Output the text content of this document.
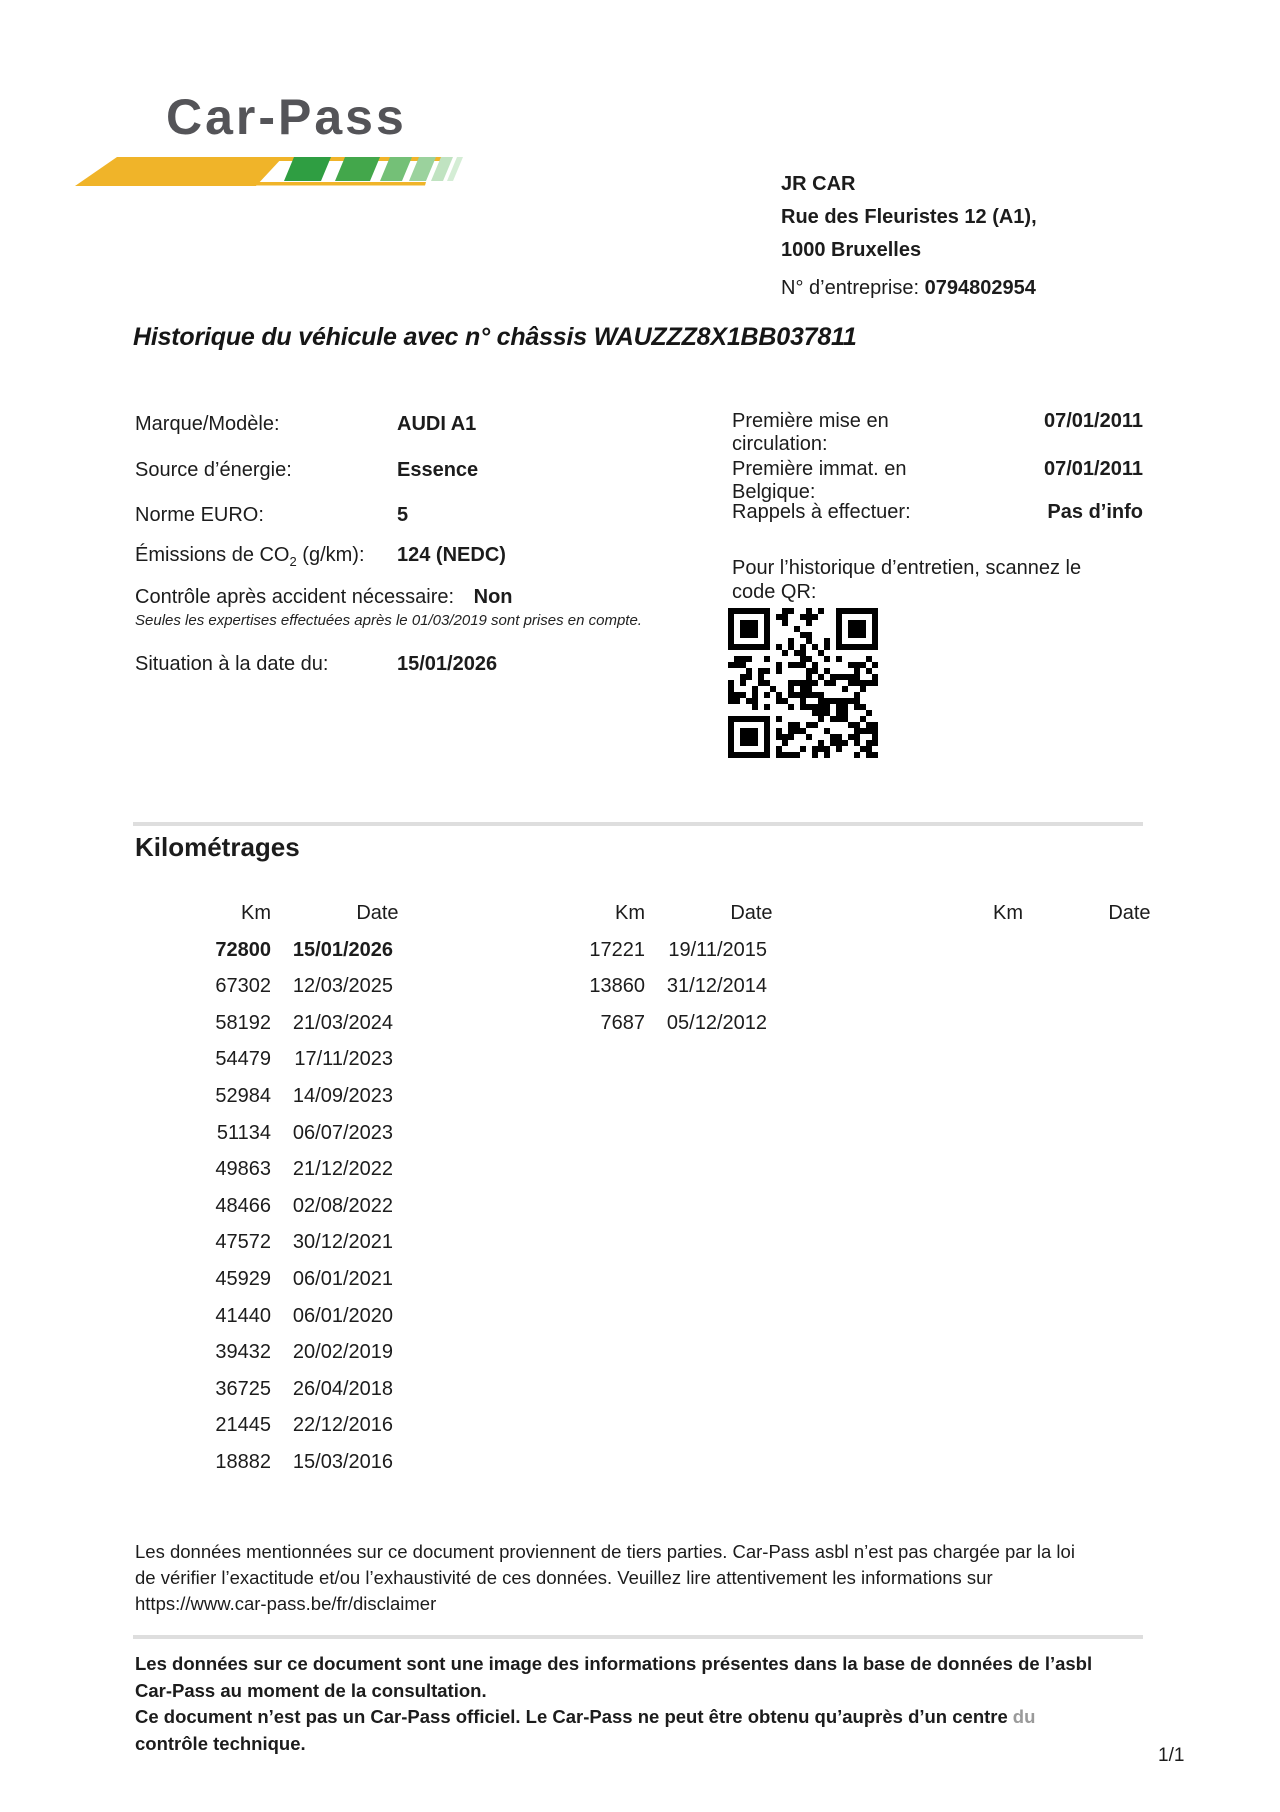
Car-Pass
JR CAR
Rue des Fleuristes 12 (A1),
1000 Bruxelles
N° d’entreprise: 0794802954
Historique du véhicule avec n° châssis WAUZZZ8X1BB037811
Marque/Modèle:	AUDI A1
Source d’énergie:	Essence
Norme EURO:	5
Émissions de $CO_2$ (g/km): 124 (NEDC)
Contrôle après accident nécessaire: Non
Seules les expertises effectuées après le 01/03/2019 sont prises en compte.
Situation à la date du:	15/01/2026
Première mise en circulation:
07/01/2011
Première immat. en Belgique:
07/01/2011
Rappels à effectuer:	Pas d’info
Pour l’historique d’entretien, scannez le code QR:
Kilométrages
Km	Date
72800 15/01/2026
67302 12/03/2025
58192 21/03/2024
54479 17/11/2023
52984 14/09/2023
51134 06/07/2023
49863 21/12/2022
48466 02/08/2022
47572 30/12/2021
45929 06/01/2021
41440 06/01/2020
39432 20/02/2019
36725 26/04/2018
21445 22/12/2016
18882 15/03/2016
Km	Date
17221 19/11/2015
13860 31/12/2014
7687 05/12/2012
Km	Date
Les données mentionnées sur ce document proviennent de tiers parties. Car-Pass asbl n’est pas chargée par la loi
de vérifier l’exactitude et/ou l’exhaustivité de ces données. Veuillez lire attentivement les informations sur
https://www.car-pass.be/fr/disclaimer
Les données sur ce document sont une image des informations présentes dans la base de données de l’asbl
Car-Pass au moment de la consultation.
Ce document n’est pas un Car-Pass officiel. Le Car-Pass ne peut être obtenu qu’auprès d’un centre du
contrôle technique.
1/1
